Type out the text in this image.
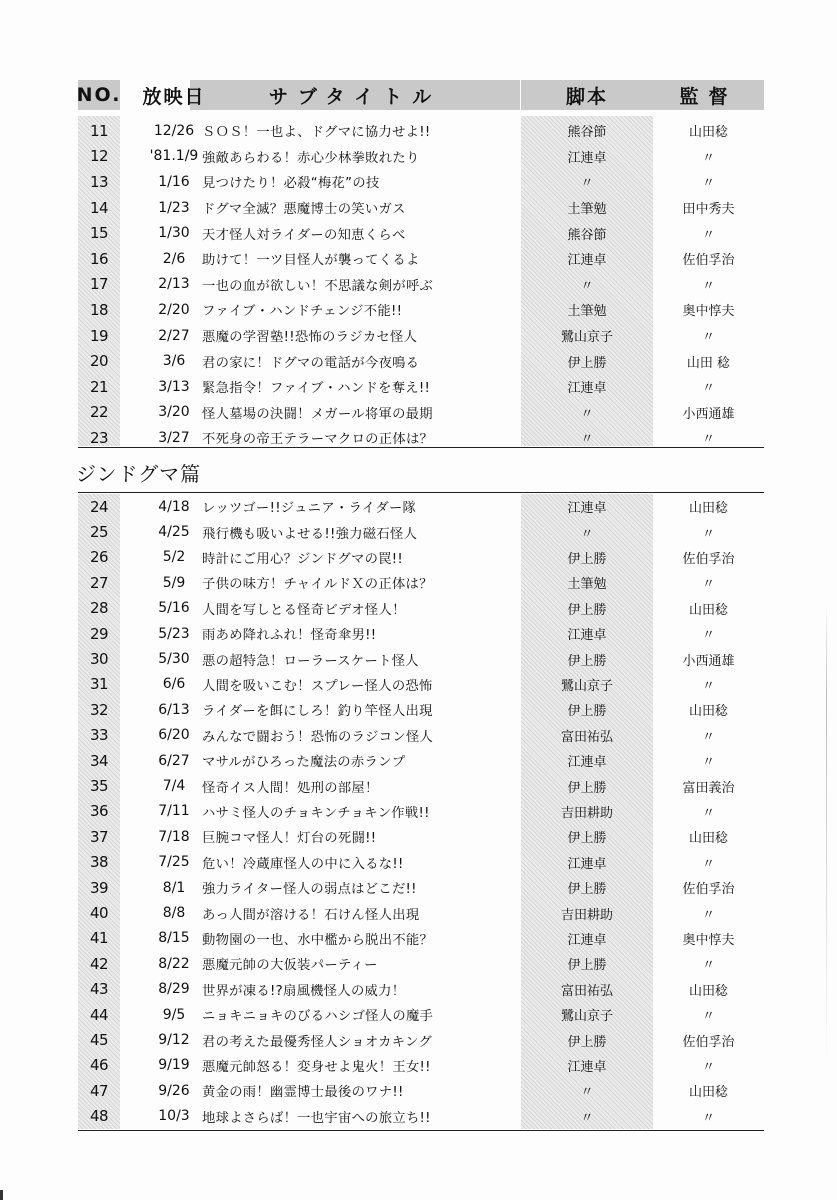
NO.	放映日	サブタイトル	脚本	監督
11	12/26 ＳＯＳ！一也よ、ドグマに協力せよ!!	熊谷節	山田稔
12	'81.1/9 強敵あらわる！赤心少林拳敗れたり	江連卓	〃
13	1/16 見つけたり！必殺“梅花”の技	〃	〃
14	1/23 ドグマ全滅？悪魔博士の笑いガス	土筆勉	田中秀夫
15	1/30 天才怪人対ライダーの知恵くらべ	熊谷節	〃
16	2/6	助けて！一ツ目怪人が襲ってくるよ	江連卓	佐伯孚治
17	2/13 一也の血が欲しい！不思議な剣が呼ぶ	〃	〃
18	2/20 ファイブ・ハンドチェンジ不能!!	土筆勉	奥中惇夫
19	2/27 悪魔の学習塾!!恐怖のラジカセ怪人	鷺山京子	〃
20	3/6	君の家に！ドグマの電話が今夜鳴る	伊上勝	山田 稔
21	3/13 緊急指令！ファイブ・ハンドを奪え!!	江連卓	〃
22	3/20 怪人墓場の決闘！メガール将軍の最期	〃	小西通雄
23	3/27 不死身の帝王テラーマクロの正体は？	〃	〃
ジンドグマ篇
24	4/18 レッツゴー!!ジュニア・ライダー隊	江連卓	山田稔
25	4/25 飛行機も吸いよせる!!強力磁石怪人	〃	〃
26	5/2	時計にご用心？ジンドグマの罠!!	伊上勝	佐伯孚治
27	5/9	子供の味方！チャイルドＸの正体は？	土筆勉	〃
28	5/16 人間を写しとる怪奇ビデオ怪人！	伊上勝	山田稔
29	5/23 雨あめ降れふれ！怪奇傘男!!	江連卓	〃
30	5/30 悪の超特急！ローラースケート怪人	伊上勝	小西通雄
31	6/6	人間を吸いこむ！スプレー怪人の恐怖	鷺山京子	〃
32	6/13 ライダーを餌にしろ！釣り竿怪人出現	伊上勝	山田稔
33	6/20 みんなで闘おう！恐怖のラジコン怪人	富田祐弘	〃
34	6/27 マサルがひろった魔法の赤ランプ	江連卓	〃
35	7/4	怪奇イス人間！処刑の部屋！	伊上勝	富田義治
36	7/11 ハサミ怪人のチョキンチョキン作戦!!	吉田耕助	〃
37	7/18 巨腕コマ怪人！灯台の死闘!!	伊上勝	山田稔
38	7/25 危い！冷蔵庫怪人の中に入るな!!	江連卓	〃
39	8/1	強力ライター怪人の弱点はどこだ!!	伊上勝	佐伯孚治
40	8/8	あっ人間が溶ける！石けん怪人出現	吉田耕助	〃
41	8/15 動物園の一也、水中檻から脱出不能？	江連卓	奥中惇夫
42	8/22 悪魔元帥の大仮装パーティー	伊上勝	〃
43	8/29 世界が凍る!?扇風機怪人の威力！	富田祐弘	山田稔
44	9/5	ニョキニョキのびるハシゴ怪人の魔手	鷺山京子	〃
45	9/12 君の考えた最優秀怪人ショオカキング	伊上勝	佐伯孚治
46	9/19 悪魔元帥怒る！変身せよ鬼火！王女!!	江連卓	〃
47	9/26 黄金の雨！幽霊博士最後のワナ!!	〃	山田稔
48	10/3 地球よさらば！一也宇宙への旅立ち!!	〃	〃
